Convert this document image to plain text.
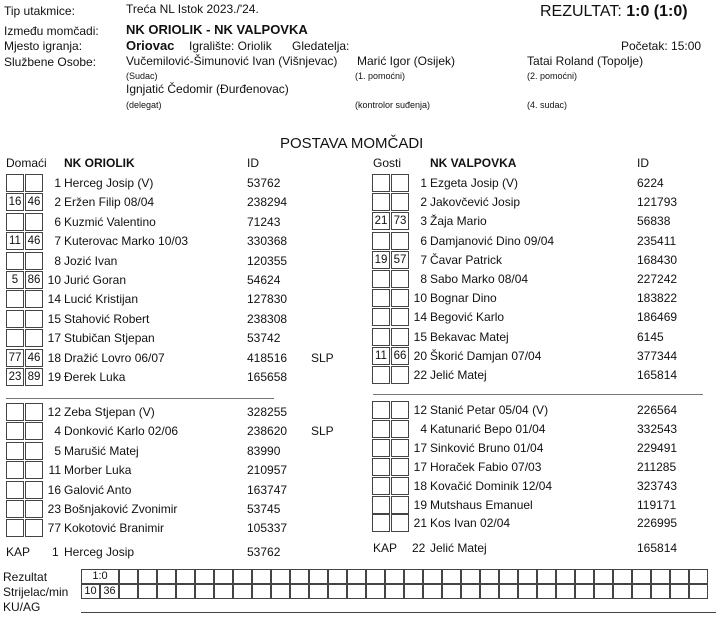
Tip utakmice:	Treća NL Istok 2023./'24.	REZULTAT: 1:0 (1:0)
Između momčadi: NK ORIOLIK - NK VALPOVKA
Mjesto igranja:	Oriovac Igralište: Oriolik Gledatelja:	Početak: 15:00
Službene Osobe: Vučemilović-Šimunović Ivan (Višnjevac) Marić Igor (Osijek)	Tatai Roland (Topolje)
(Sudac)	(1. pomoćni)	(2. pomoćni)
Ignjatić Čedomir (Đurđenovac)
(delegat)	(kontrolor suđenja)	(4. sudac)
POSTAVA MOMČADI
Domaći NK ORIOLIK	ID	Gosti NK VALPOVKA	ID
1 Herceg Josip (V)	53762
16 46	2 Eržen Filip 08/04	238294
6 Kuzmić Valentino	71243
11 46	7 Kuterovac Marko 10/03	330368
8 Jozić Ivan	120355
5 86 10 Jurić Goran	54624
14 Lucić Kristijan	127830
15 Stahović Robert	238308
17 Stubičan Stjepan	53742
77 46 18 Dražić Lovro 06/07	418516 SLP
23 89 19 Đerek Luka	165658
12 Zeba Stjepan (V)	328255
4 Donković Karlo 02/06	238620 SLP
5 Marušić Matej	83990
11 Morber Luka	210957
16 Galović Anto	163747
23 Bošnjaković Zvonimir	53745
77 Kokotović Branimir	105337
1 Ezgeta Josip (V)	6224
2 Jakovčević Josip	121793
21 73	3 Žaja Mario	56838
6 Damjanović Dino 09/04	235411
19 57	7 Čavar Patrick	168430
8 Sabo Marko 08/04	227242
10 Bognar Dino	183822
14 Begović Karlo	186469
15 Bekavac Matej	6145
11 66 20 Škorić Damjan 07/04	377344
22 Jelić Matej	165814
12 Stanić Petar 05/04 (V)	226564
4 Katunarić Bepo 01/04	332543
17 Sinković Bruno 01/04	229491
17 Horaček Fabio 07/03	211285
18 Kovačić Dominik 12/04	323743
19 Mutshaus Emanuel	119171
21 Kos Ivan 02/04	226995
KAP 1 Herceg Josip	53762	KAP 22 Jelić Matej	165814
Rezultat
Strijelac/min
KU/AG
1:0
10 36
